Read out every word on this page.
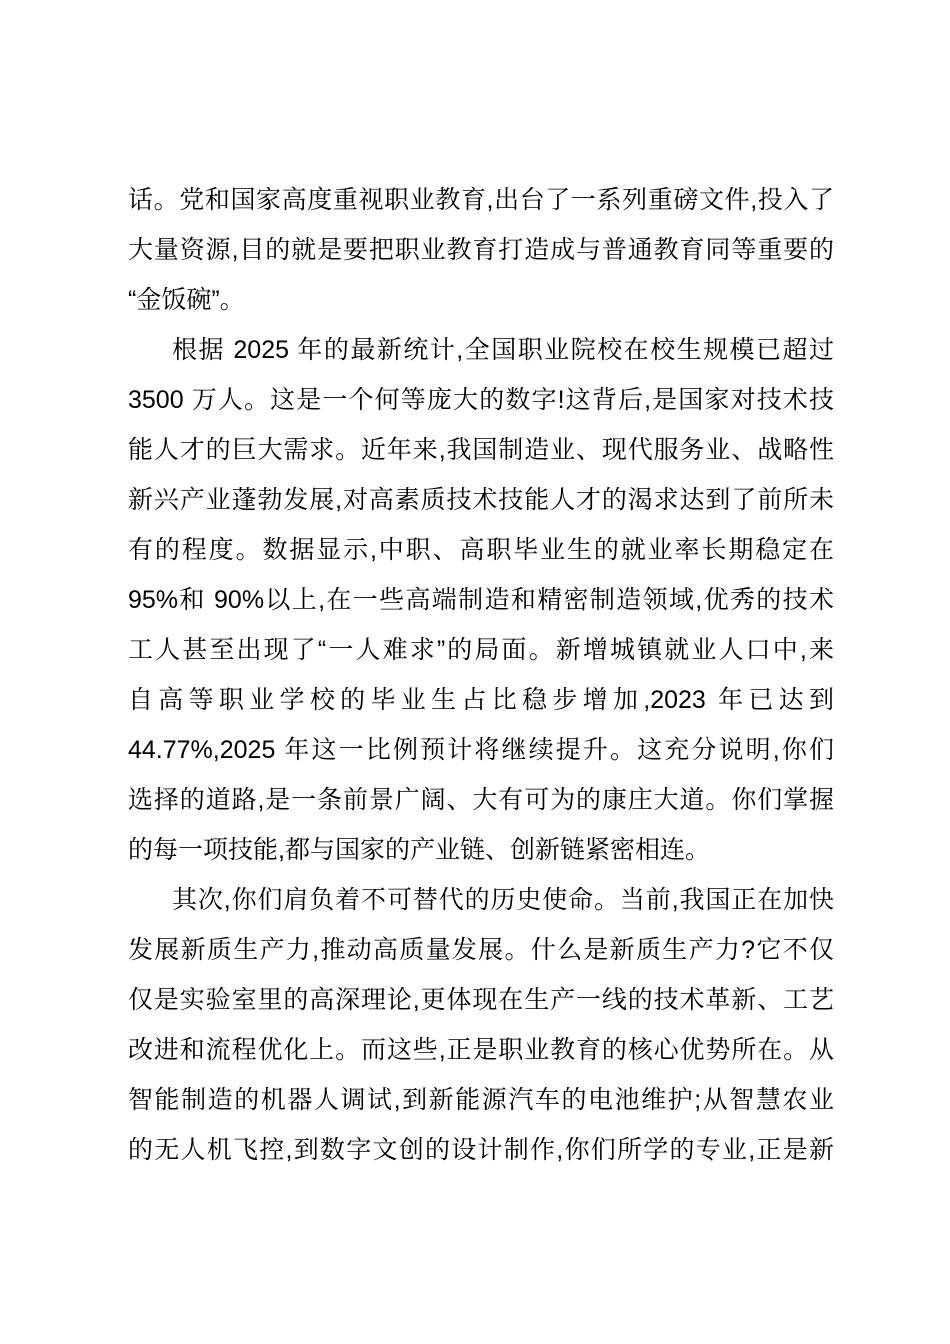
话。党和国家高度重视职业教育,出台了一系列重磅文件,投入了
大量资源,目的就是要把职业教育打造成与普通教育同等重要的
“金饭碗”。
根据 2025 年的最新统计,全国职业院校在校生规模已超过
3500 万人。这是一个何等庞大的数字!这背后,是国家对技术技
能人才的巨大需求。近年来,我国制造业、现代服务业、战略性
新兴产业蓬勃发展,对高素质技术技能人才的渴求达到了前所未
有的程度。数据显示,中职、高职毕业生的就业率长期稳定在
95%和 90%以上,在一些高端制造和精密制造领域,优秀的技术
工人甚至出现了“一人难求”的局面。新增城镇就业人口中,来
自高等职业学校的毕业生占比稳步增加,2023 年已达到
44.77%,2025 年这一比例预计将继续提升。这充分说明,你们
选择的道路,是一条前景广阔、大有可为的康庄大道。你们掌握
的每一项技能,都与国家的产业链、创新链紧密相连。
其次,你们肩负着不可替代的历史使命。当前,我国正在加快
发展新质生产力,推动高质量发展。什么是新质生产力?它不仅
仅是实验室里的高深理论,更体现在生产一线的技术革新、工艺
改进和流程优化上。而这些,正是职业教育的核心优势所在。从
智能制造的机器人调试,到新能源汽车的电池维护;从智慧农业
的无人机飞控,到数字文创的设计制作,你们所学的专业,正是新
